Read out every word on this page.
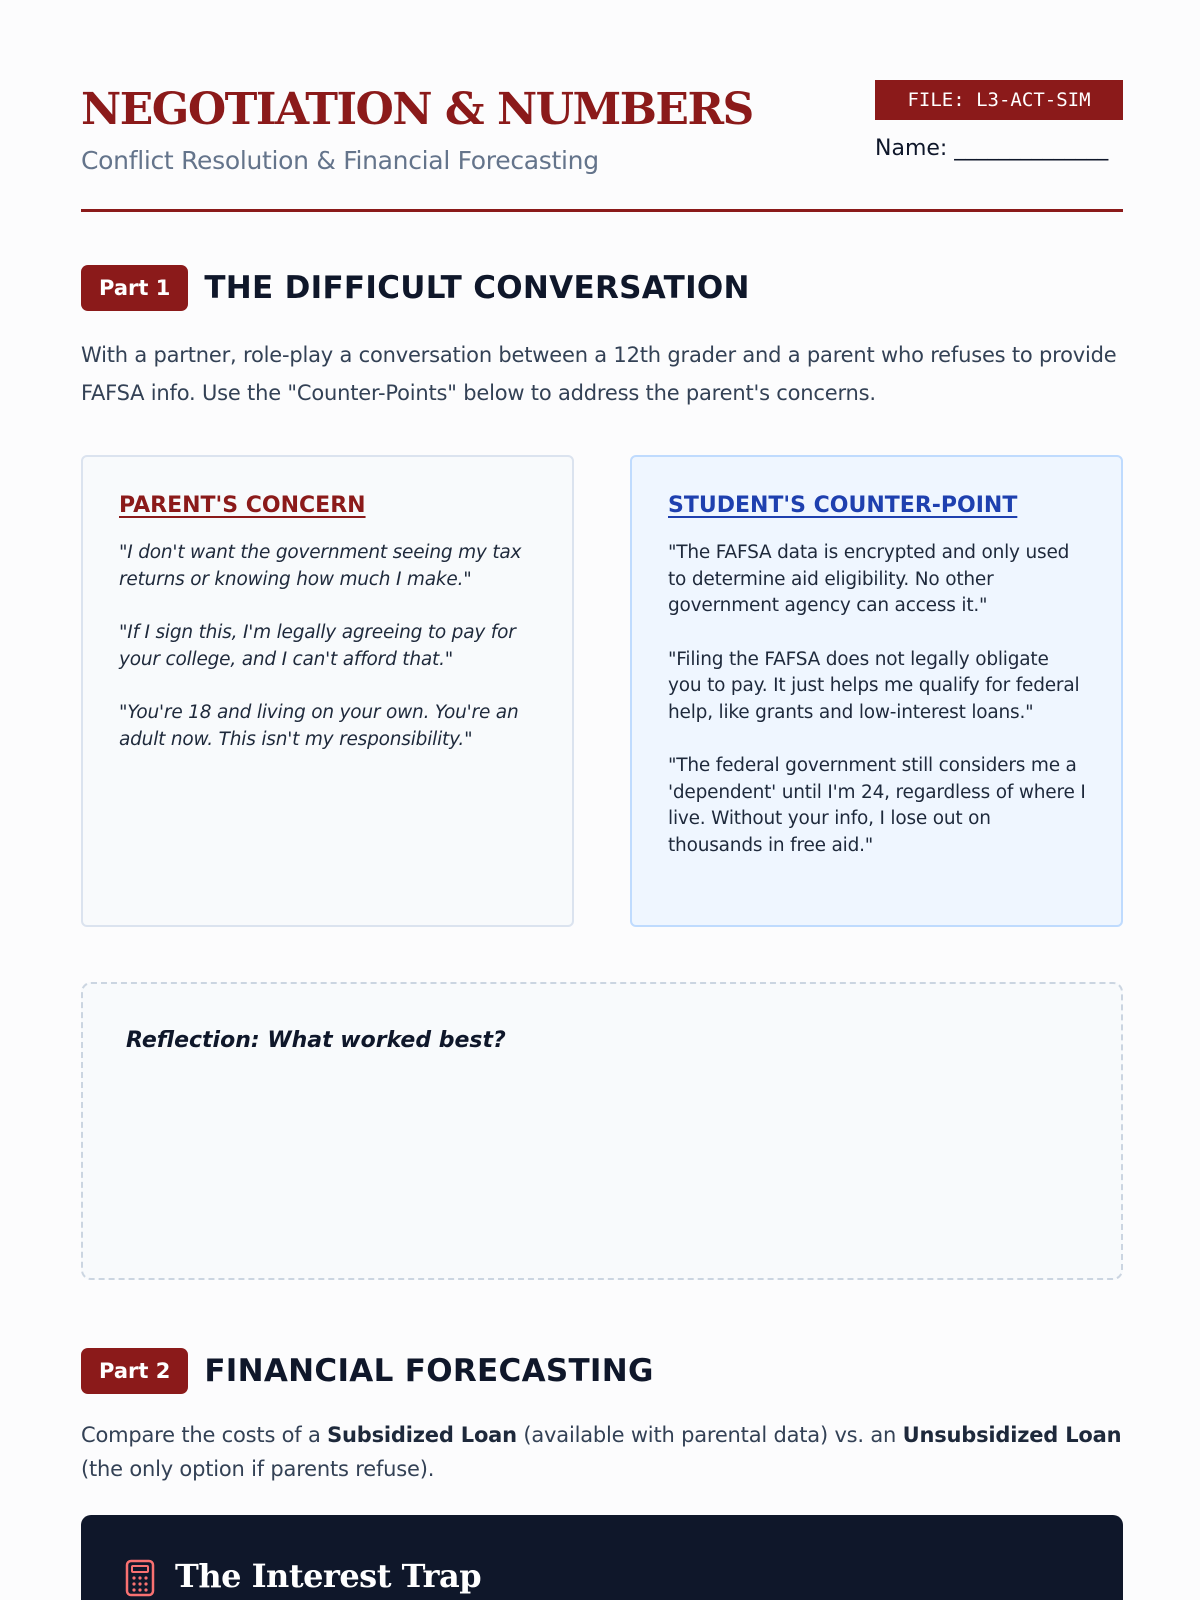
NEGOTIATION & NUMBERS
Conflict Resolution & Financial Forecasting
FILE: L3-ACT-SIM
Name: ______________
Part 1	THE DIFFICULT CONVERSATION

With a partner, role-play a conversation between a 12th grader and a parent who refuses to provide FAFSA info. Use the "Counter-Points" below to address the parent's concerns.

PARENT'S CONCERN

"I don't want the government seeing my tax returns or knowing how much I make."

"If I sign this, I'm legally agreeing to pay for your college, and I can't afford that."

"You're 18 and living on your own. You're an adult now. This isn't my responsibility."

STUDENT'S COUNTER-POINT

"The FAFSA data is encrypted and only used to determine aid eligibility. No other government agency can access it."

"Filing the FAFSA does not legally obligate you to pay. It just helps me qualify for federal help, like grants and low-interest loans."

"The federal government still considers me a 'dependent' until I'm 24, regardless of where I live. Without your info, I lose out on thousands in free aid."

Reflection: What worked best?
Part 2	FINANCIAL FORECASTING

Compare the costs of a Subsidized Loan (available with parental data) vs. an Unsubsidized Loan (the only option if parents refuse).

The Interest Trap
